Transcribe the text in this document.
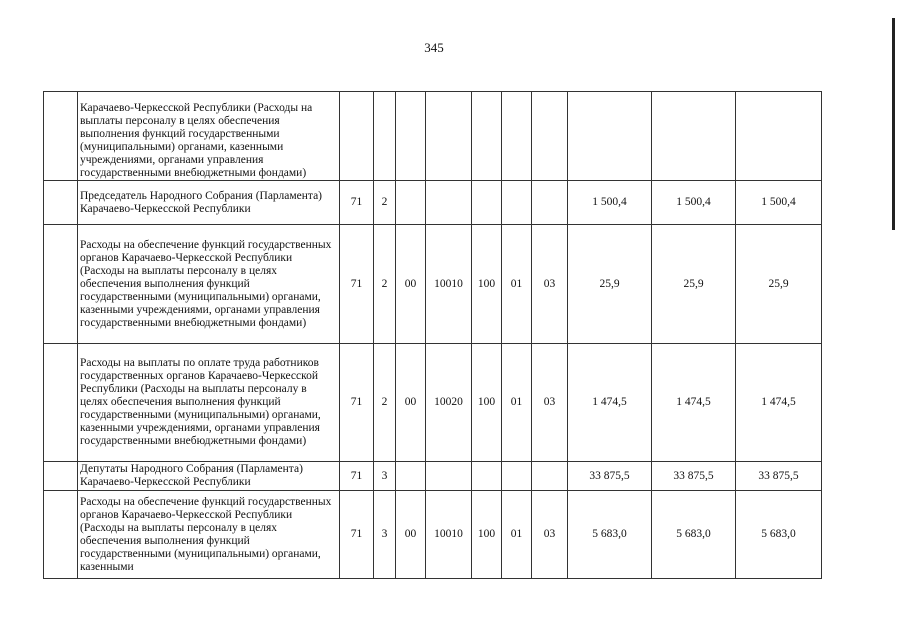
345
	Карачаево-Черкесской Республики (Расходы на выплаты персоналу в целях обеспечения выполнения функций государственными (муниципальными) органами, казенными учреждениями, органами управления государственными внебюджетными фондами)										
	Председатель Народного Собрания (Парламента) Карачаево-Черкесской Республики	71	2						1 500,4	1 500,4	1 500,4
	Расходы на обеспечение функций государственных органов Карачаево-Черкесской Республики (Расходы на выплаты персоналу в целях обеспечения выполнения функций государственными (муниципальными) органами, казенными учреждениями, органами управления государственными внебюджетными фондами)	71	2	00	10010	100	01	03	25,9	25,9	25,9
	Расходы на выплаты по оплате труда работников государственных органов Карачаево-Черкесской Республики (Расходы на выплаты персоналу в целях обеспечения выполнения функций государственными (муниципальными) органами, казенными учреждениями, органами управления государственными внебюджетными фондами)	71	2	00	10020	100	01	03	1 474,5	1 474,5	1 474,5
	Депутаты Народного Собрания (Парламента) Карачаево-Черкесской Республики	71	3						33 875,5	33 875,5	33 875,5
	Расходы на обеспечение функций государственных органов Карачаево-Черкесской Республики (Расходы на выплаты персоналу в целях обеспечения выполнения функций государственными (муниципальными) органами, казенными	71	3	00	10010	100	01	03	5 683,0	5 683,0	5 683,0
